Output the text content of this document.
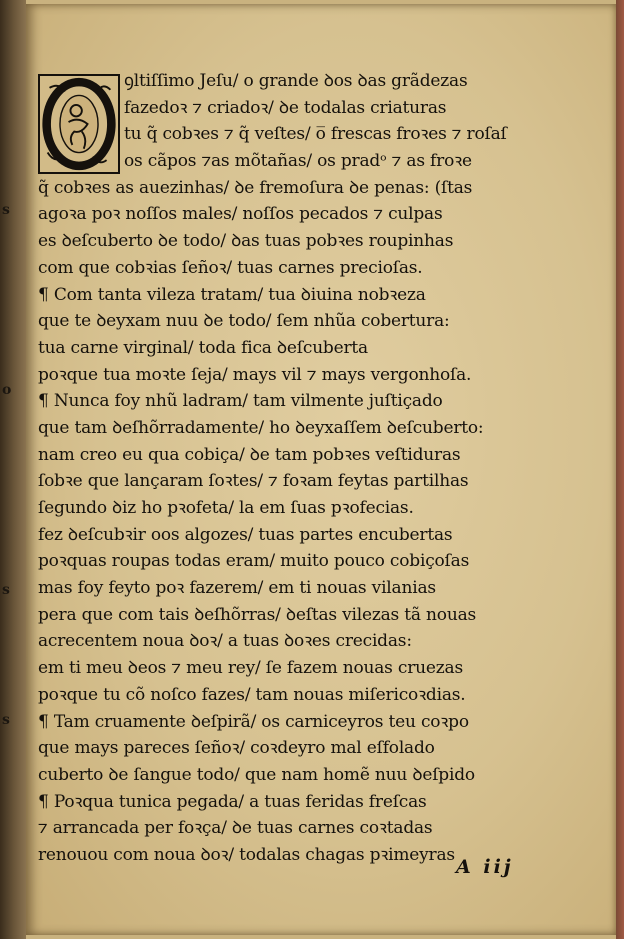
s
o
s
s
ꝯltiſſimo Jeſu/ o grande ꝺos ꝺas grãdezas
fazedoꝛ ⁊ criadoꝛ/ ꝺe todalas criaturas
tu q̃ cobꝛes ⁊ q̃ veſtes/ o̅ frescas froꝛes ⁊ roſaſ
os cãpos ⁊as mõtañas/ os pradᵒ ⁊ as froꝛe
q̃ cobꝛes as auezinhas/ ꝺe fremoſura ꝺe penas: (ſtas
agoꝛa poꝛ noſſos males/ noſſos pecados ⁊ culpas
es ꝺeſcuberto ꝺe todo/ ꝺas tuas pobꝛes roupinhas
com que cobꝛias ſeñoꝛ/ tuas carnes precioſas.
¶ Com tanta vileza tratam/ tua ꝺiuina nobꝛeza
que te ꝺeyxam nuu ꝺe todo/ ſem nhũa cobertura:
tua carne virginal/ toda fica ꝺeſcuberta
poꝛque tua moꝛte ſeja/ mays vil ⁊ mays vergonhoſa.
¶ Nunca foy nhũ ladram/ tam vilmente juſtiçado
que tam ꝺeſhõrradamente/ ho ꝺeyxaſſem ꝺeſcuberto:
nam creo eu qua cobiça/ ꝺe tam pobꝛes veſtiduras
ſobꝛe que lançaram ſoꝛtes/ ⁊ foꝛam feytas partilhas
ſegundo ꝺiz ho pꝛofeta/ la em ſuas pꝛofecias.
fez ꝺeſcubꝛir oos algozes/ tuas partes encubertas
poꝛquas roupas todas eram/ muito pouco cobiçoſas
mas foy feyto poꝛ fazerem/ em ti nouas vilanias
pera que com tais ꝺeſhõrras/ ꝺeſtas vilezas tã nouas
acrecentem noua ꝺoꝛ/ a tuas ꝺoꝛes crecidas:
em ti meu ꝺeos ⁊ meu rey/ ſe fazem nouas cruezas
poꝛque tu cõ noſco fazes/ tam nouas miſericoꝛdias.
¶ Tam cruamente ꝺeſpirã/ os carniceyros teu coꝛpo
que mays pareces ſeñoꝛ/ coꝛdeyro mal eſfolado
cuberto ꝺe ſangue todo/ que nam homẽ nuu ꝺeſpido
¶ Poꝛqua tunica pegada/ a tuas feridas freſcas
⁊ arrancada per foꝛça/ ꝺe tuas carnes coꝛtadas
renouou com noua ꝺoꝛ/ todalas chagas pꝛimeyras
A iij
